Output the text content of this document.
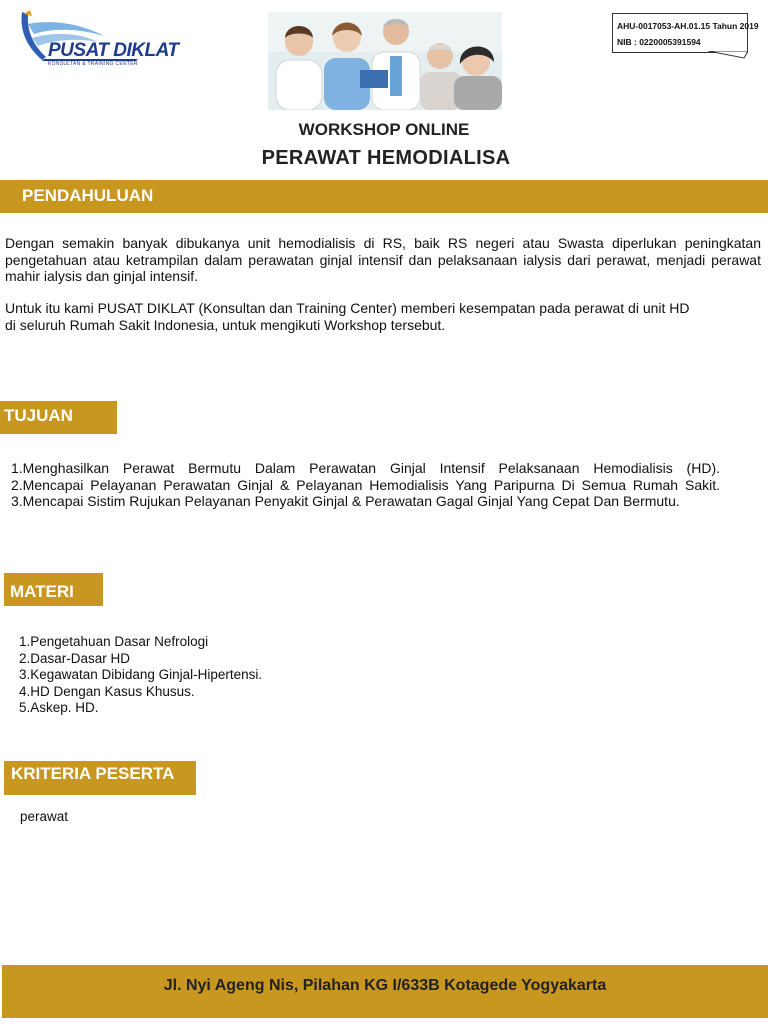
PUSAT DIKLAT
KONSULTAN & TRAINING CENTER
AHU-0017053-AH.01.15 Tahun 2019
NIB : 0220005391594
WORKSHOP ONLINE
PERAWAT HEMODIALISA
PENDAHULUAN
Dengan semakin banyak dibukanya unit hemodialisis di RS, baik RS negeri atau Swasta diperlukan peningkatan pengetahuan atau ketrampilan dalam perawatan ginjal intensif dan pelaksanaan ialysis dari perawat, menjadi perawat mahir ialysis dan ginjal intensif.
Untuk itu kami PUSAT DIKLAT (Konsultan dan Training Center) memberi kesempatan pada perawat di unit HD
di seluruh Rumah Sakit Indonesia, untuk mengikuti Workshop tersebut.
TUJUAN
1.Menghasilkan Perawat Bermutu Dalam Perawatan Ginjal Intensif Pelaksanaan Hemodialisis (HD).
2.Mencapai Pelayanan Perawatan Ginjal & Pelayanan Hemodialisis Yang Paripurna Di Semua Rumah Sakit.
3.Mencapai Sistim Rujukan Pelayanan Penyakit Ginjal & Perawatan Gagal Ginjal Yang Cepat Dan Bermutu.
MATERI
1.Pengetahuan Dasar Nefrologi
2.Dasar-Dasar HD
3.Kegawatan Dibidang Ginjal-Hipertensi.
4.HD Dengan Kasus Khusus.
5.Askep. HD.
KRITERIA PESERTA
perawat
Jl. Nyi Ageng Nis, Pilahan KG I/633B Kotagede Yogyakarta
